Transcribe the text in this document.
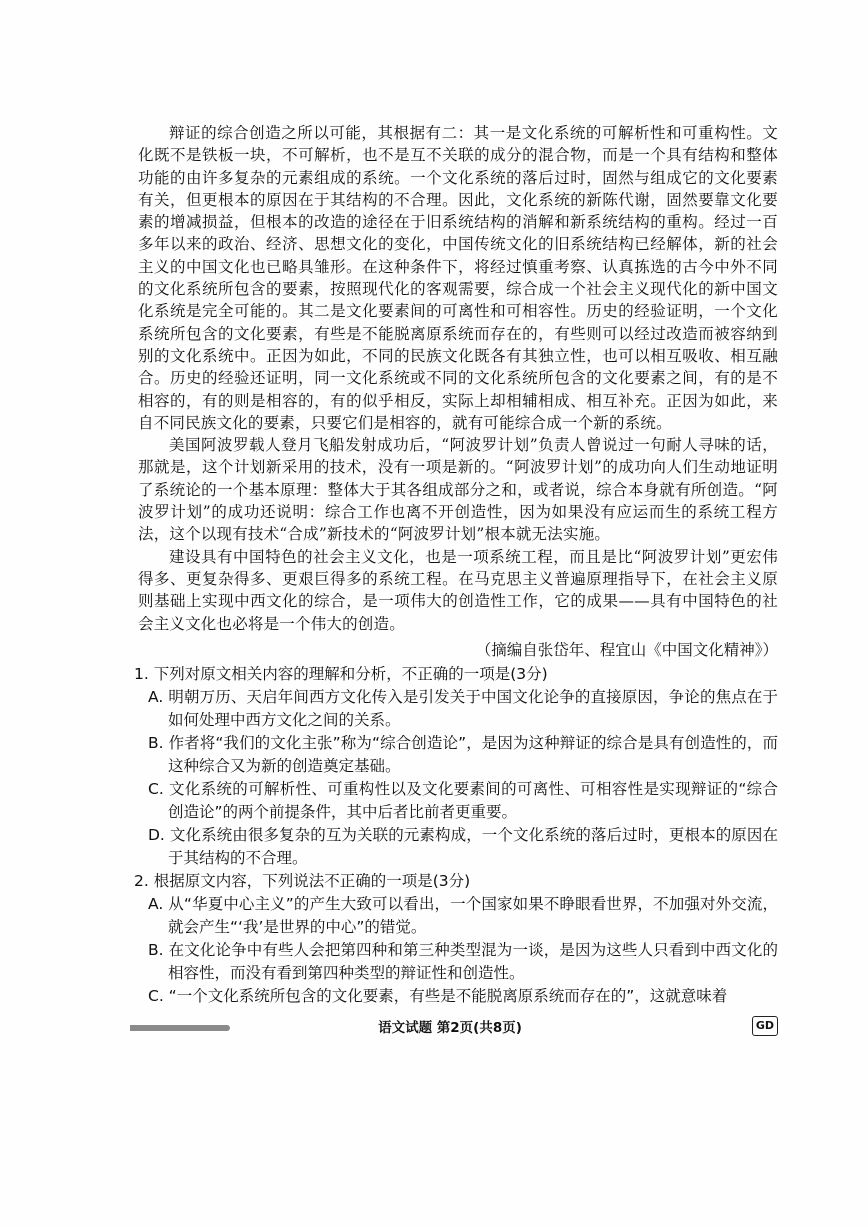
辩证的综合创造之所以可能，其根据有二：其一是文化系统的可解析性和可重构性。文化既不是铁板一块，不可解析，也不是互不关联的成分的混合物，而是一个具有结构和整体功能的由许多复杂的元素组成的系统。一个文化系统的落后过时，固然与组成它的文化要素有关，但更根本的原因在于其结构的不合理。因此，文化系统的新陈代谢，固然要靠文化要素的增减损益，但根本的改造的途径在于旧系统结构的消解和新系统结构的重构。经过一百多年以来的政治、经济、思想文化的变化，中国传统文化的旧系统结构已经解体，新的社会主义的中国文化也已略具雏形。在这种条件下，将经过慎重考察、认真拣选的古今中外不同的文化系统所包含的要素，按照现代化的客观需要，综合成一个社会主义现代化的新中国文化系统是完全可能的。其二是文化要素间的可离性和可相容性。历史的经验证明，一个文化系统所包含的文化要素，有些是不能脱离原系统而存在的，有些则可以经过改造而被容纳到别的文化系统中。正因为如此，不同的民族文化既各有其独立性，也可以相互吸收、相互融合。历史的经验还证明，同一文化系统或不同的文化系统所包含的文化要素之间，有的是不相容的，有的则是相容的，有的似乎相反，实际上却相辅相成、相互补充。正因为如此，来自不同民族文化的要素，只要它们是相容的，就有可能综合成一个新的系统。

美国阿波罗载人登月飞船发射成功后，“阿波罗计划”负责人曾说过一句耐人寻味的话，那就是，这个计划新采用的技术，没有一项是新的。“阿波罗计划”的成功向人们生动地证明了系统论的一个基本原理：整体大于其各组成部分之和，或者说，综合本身就有所创造。“阿波罗计划”的成功还说明：综合工作也离不开创造性，因为如果没有应运而生的系统工程方法，这个以现有技术“合成”新技术的“阿波罗计划”根本就无法实施。

建设具有中国特色的社会主义文化，也是一项系统工程，而且是比“阿波罗计划”更宏伟得多、更复杂得多、更艰巨得多的系统工程。在马克思主义普遍原理指导下，在社会主义原则基础上实现中西文化的综合，是一项伟大的创造性工作，它的成果——具有中国特色的社会主义文化也必将是一个伟大的创造。

（摘编自张岱年、程宜山《中国文化精神》）

1. 下列对原文相关内容的理解和分析，不正确的一项是(3分)

A. 明朝万历、天启年间西方文化传入是引发关于中国文化论争的直接原因，争论的焦点在于如何处理中西方文化之间的关系。

B. 作者将“我们的文化主张”称为“综合创造论”，是因为这种辩证的综合是具有创造性的，而这种综合又为新的创造奠定基础。

C. 文化系统的可解析性、可重构性以及文化要素间的可离性、可相容性是实现辩证的“综合创造论”的两个前提条件，其中后者比前者更重要。

D. 文化系统由很多复杂的互为关联的元素构成，一个文化系统的落后过时，更根本的原因在于其结构的不合理。

2. 根据原文内容，下列说法不正确的一项是(3分)

A. 从“华夏中心主义”的产生大致可以看出，一个国家如果不睁眼看世界，不加强对外交流，就会产生“‘我’是世界的中心”的错觉。

B. 在文化论争中有些人会把第四种和第三种类型混为一谈，是因为这些人只看到中西文化的相容性，而没有看到第四种类型的辩证性和创造性。

C. “一个文化系统所包含的文化要素，有些是不能脱离原系统而存在的”，这就意味着

语文试题 第2页(共8页)	GD
